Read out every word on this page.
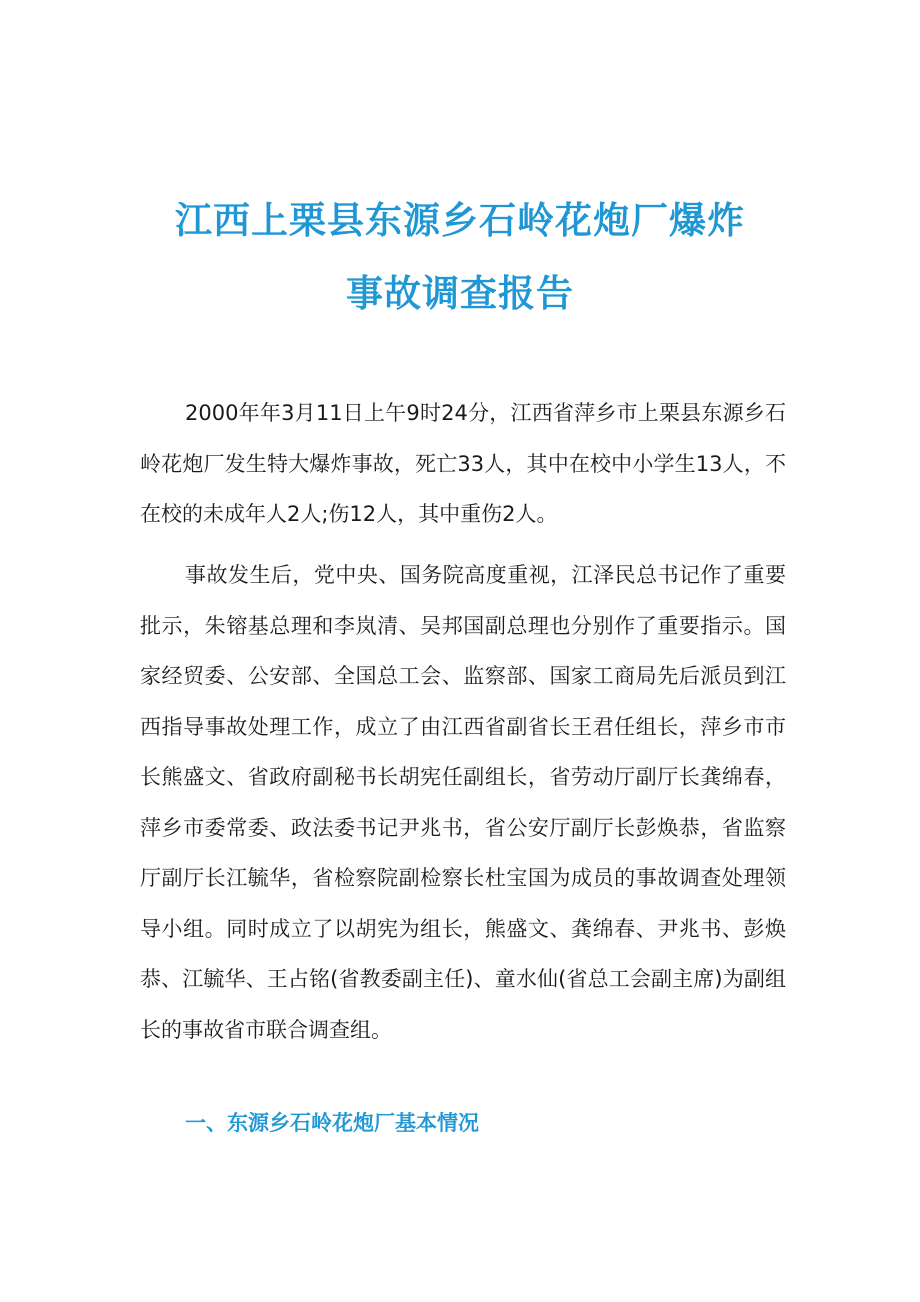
江西上栗县东源乡石岭花炮厂爆炸
事故调查报告

2000年年3月11日上午9时24分，江西省萍乡市上栗县东源乡石岭花炮厂发生特大爆炸事故，死亡33人，其中在校中小学生13人，不在校的未成年人2人;伤12人，其中重伤2人。

事故发生后，党中央、国务院高度重视，江泽民总书记作了重要批示，朱镕基总理和李岚清、吴邦国副总理也分别作了重要指示。国家经贸委、公安部、全国总工会、监察部、国家工商局先后派员到江西指导事故处理工作，成立了由江西省副省长王君任组长，萍乡市市长熊盛文、省政府副秘书长胡宪任副组长，省劳动厅副厅长龚绵春，萍乡市委常委、政法委书记尹兆书，省公安厅副厅长彭焕恭，省监察厅副厅长江毓华，省检察院副检察长杜宝国为成员的事故调查处理领导小组。同时成立了以胡宪为组长，熊盛文、龚绵春、尹兆书、彭焕恭、江毓华、王占铭(省教委副主任)、童水仙(省总工会副主席)为副组长的事故省市联合调查组。

一、东源乡石岭花炮厂基本情况
